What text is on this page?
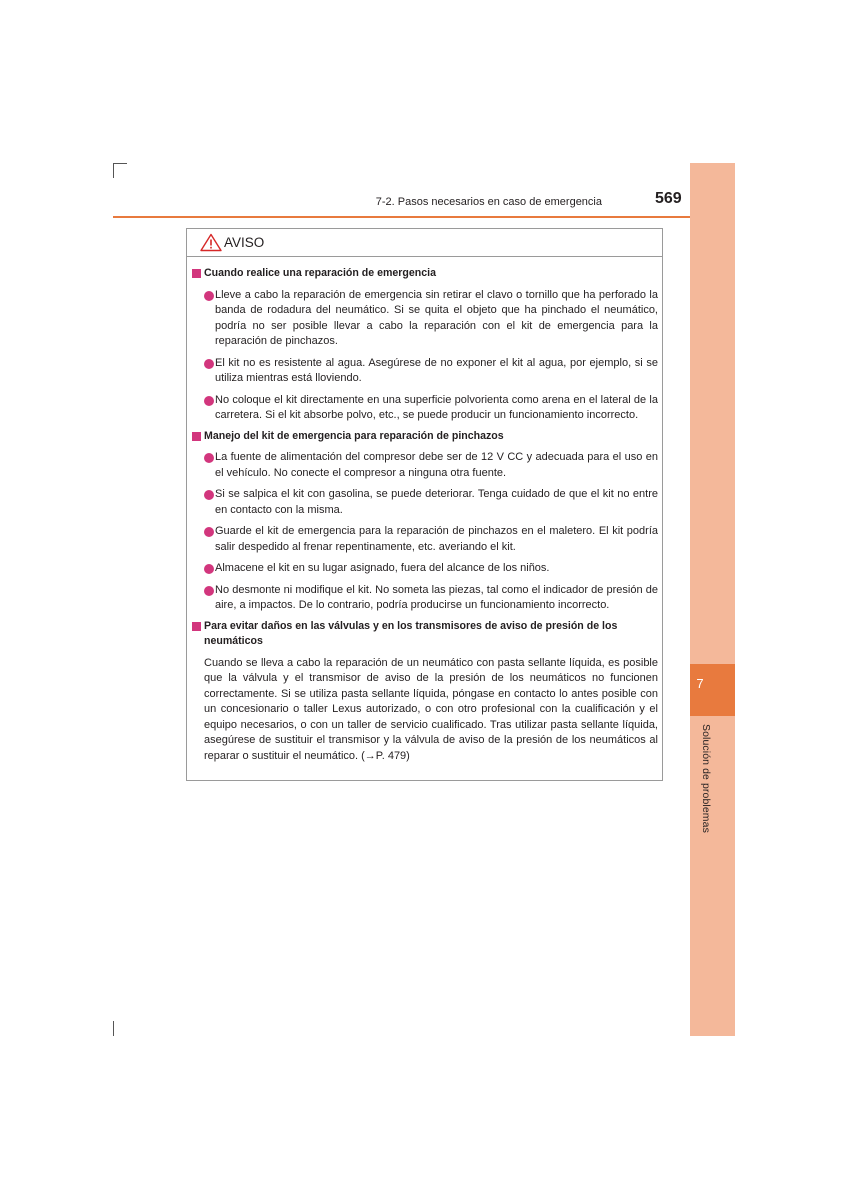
7
Solución de problemas
7-2. Pasos necesarios en caso de emergencia	569
AVISO
Cuando realice una reparación de emergencia
Lleve a cabo la reparación de emergencia sin retirar el clavo o tornillo que ha perforado la banda de rodadura del neumático. Si se quita el objeto que ha pinchado el neumático, podría no ser posible llevar a cabo la reparación con el kit de emergencia para la reparación de pinchazos.
El kit no es resistente al agua. Asegúrese de no exponer el kit al agua, por ejemplo, si se utiliza mientras está lloviendo.
No coloque el kit directamente en una superficie polvorienta como arena en el lateral de la carretera. Si el kit absorbe polvo, etc., se puede producir un funcionamiento incorrecto.
Manejo del kit de emergencia para reparación de pinchazos
La fuente de alimentación del compresor debe ser de 12 V CC y adecuada para el uso en el vehículo. No conecte el compresor a ninguna otra fuente.
Si se salpica el kit con gasolina, se puede deteriorar. Tenga cuidado de que el kit no entre en contacto con la misma.
Guarde el kit de emergencia para la reparación de pinchazos en el maletero. El kit podría salir despedido al frenar repentinamente, etc. averiando el kit.
Almacene el kit en su lugar asignado, fuera del alcance de los niños.
No desmonte ni modifique el kit. No someta las piezas, tal como el indicador de presión de aire, a impactos. De lo contrario, podría producirse un funcionamiento incorrecto.
Para evitar daños en las válvulas y en los transmisores de aviso de presión de los neumáticos
Cuando se lleva a cabo la reparación de un neumático con pasta sellante líquida, es posible que la válvula y el transmisor de aviso de la presión de los neumáticos no funcionen correctamente. Si se utiliza pasta sellante líquida, póngase en contacto lo antes posible con un concesionario o taller Lexus autorizado, o con otro profesional con la cualificación y el equipo necesarios, o con un taller de servicio cualificado. Tras utilizar pasta sellante líquida, asegúrese de sustituir el transmisor y la válvula de aviso de la presión de los neumáticos al reparar o sustituir el neumático. (→P. 479)
